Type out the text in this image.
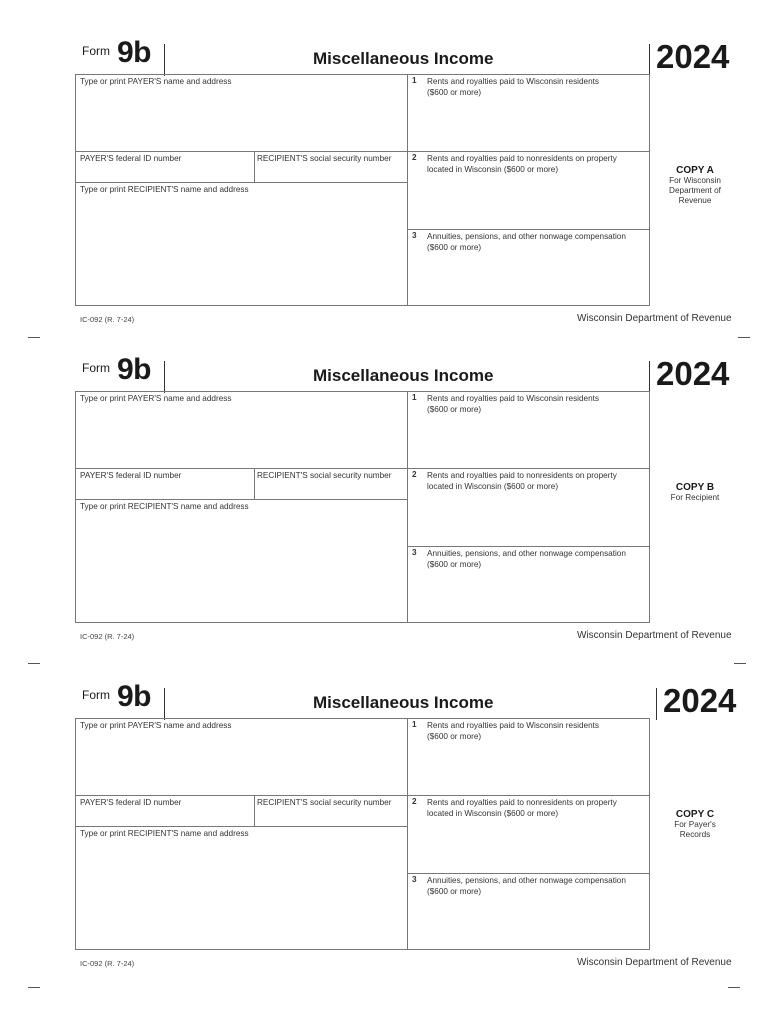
Form 9b	Miscellaneous Income	2024
Type or print PAYER'S name and address
PAYER'S federal ID number	RECIPIENT'S social security number
Type or print RECIPIENT'S name and address
1 Rents and royalties paid to Wisconsin residents
($600 or more)
2 Rents and royalties paid to nonresidents on property
located in Wisconsin ($600 or more)
3 Annuities, pensions, and other nonwage compensation
($600 or more)
COPY A
For Wisconsin
Department of
Revenue
IC-092 (R. 7-24)	Wisconsin Department of Revenue
Form 9b	Miscellaneous Income	2024
Type or print PAYER'S name and address
PAYER'S federal ID number	RECIPIENT'S social security number
Type or print RECIPIENT'S name and address
1 Rents and royalties paid to Wisconsin residents
($600 or more)
2 Rents and royalties paid to nonresidents on property
located in Wisconsin ($600 or more)
3 Annuities, pensions, and other nonwage compensation
($600 or more)
COPY B
For Recipient
IC-092 (R. 7-24)	Wisconsin Department of Revenue
Form 9b	Miscellaneous Income	2024
Type or print PAYER'S name and address
PAYER'S federal ID number	RECIPIENT'S social security number
Type or print RECIPIENT'S name and address
1 Rents and royalties paid to Wisconsin residents
($600 or more)
2 Rents and royalties paid to nonresidents on property
located in Wisconsin ($600 or more)
3 Annuities, pensions, and other nonwage compensation
($600 or more)
COPY C
For Payer's
Records
IC-092 (R. 7-24)	Wisconsin Department of Revenue
